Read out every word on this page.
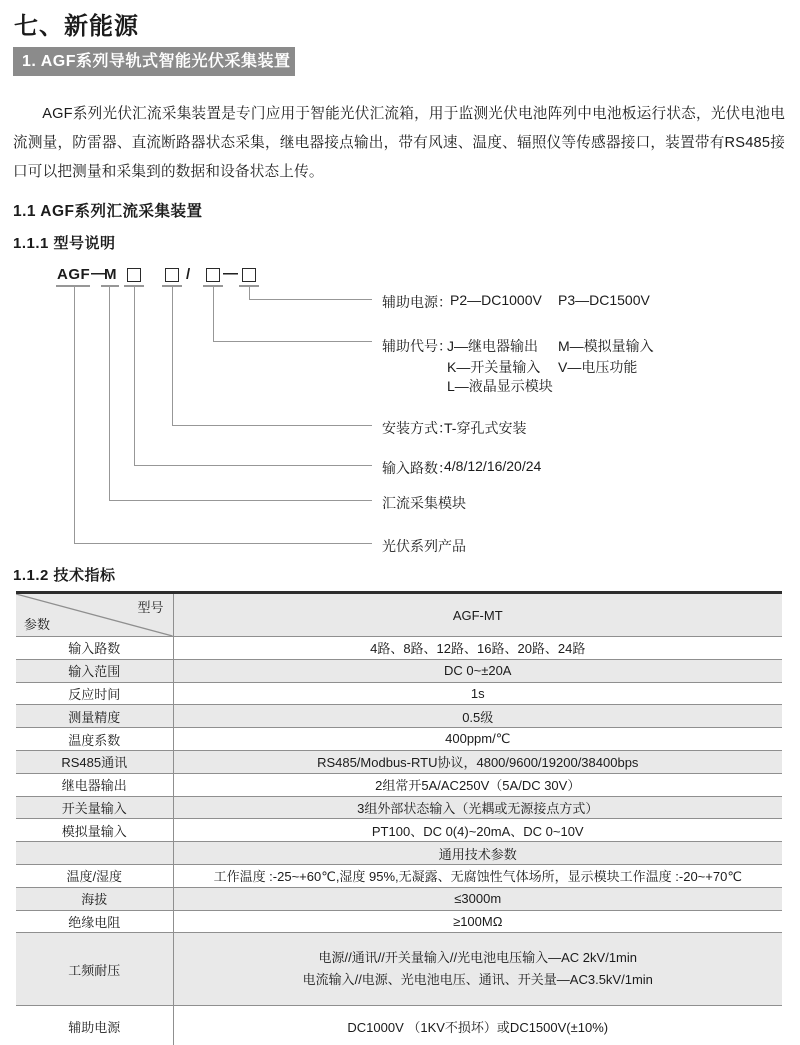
七、新能源
1. AGF系列导轨式智能光伏采集装置
AGF系列光伏汇流采集装置是专门应用于智能光伏汇流箱，用于监测光伏电池阵列中电池板运行状态，光伏电池电流测量，防雷器、直流断路器状态采集，继电器接点输出，带有风速、温度、辐照仪等传感器接口，装置带有RS485接口可以把测量和采集到的数据和设备状态上传。
1.1 AGF系列汇流采集装置
1.1.1 型号说明
AGF —
M	/ —
辅助电源：
P2—DC1000V P3—DC1500V
辅助代号：
J—继电器输出 M—模拟量输入
K—开关量输入 V—电压功能
L—液晶显示模块
安装方式：
T-穿孔式安装
输入路数：
4/8/12/16/20/24
汇流采集模块
光伏系列产品
1.1.2 技术指标
型号
参数	AGF-MT
输入路数	4路、8路、12路、16路、20路、24路
输入范围	DC 0~±20A
反应时间	1s
测量精度	0.5级
温度系数	400ppm/℃
RS485通讯	RS485/Modbus-RTU协议，4800/9600/19200/38400bps
继电器输出	2组常开5A/AC250V（5A/DC 30V）
开关量输入	3组外部状态输入（光耦或无源接点方式）
模拟量输入	PT100、DC 0(4)~20mA、DC 0~10V
	通用技术参数
温度/湿度	工作温度 :-25~+60℃,湿度 95%,无凝露、无腐蚀性气体场所，显示模块工作温度 :-20~+70℃
海拔	≤3000m
绝缘电阻	≥100MΩ
工频耐压	电源//通讯//开关量输入//光电池电压输入—AC 2kV/1min
电流输入//电源、光电池电压、通讯、开关量—AC3.5kV/1min

辅助电源	DC1000V （1KV不损坏）或DC1500V(±10%)
